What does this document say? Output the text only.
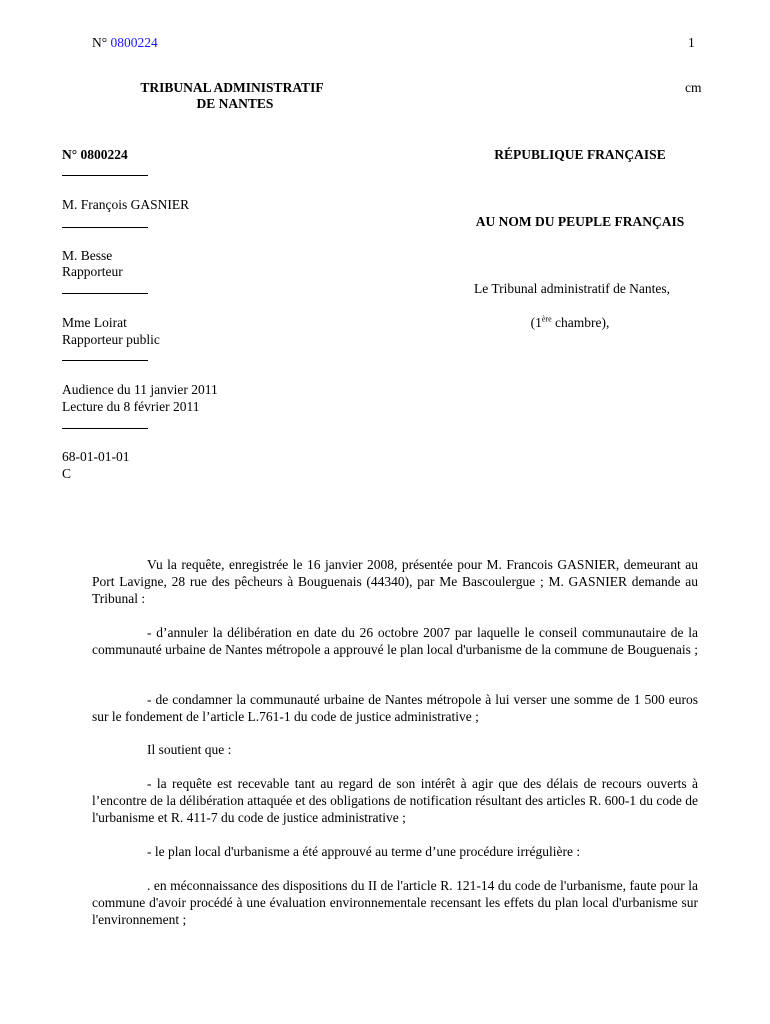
N° 0800224	1
TRIBUNAL ADMINISTRATIF
DE NANTES
cm
N° 0800224
M. François GASNIER
M. Besse
Rapporteur
Mme Loirat
Rapporteur public
Audience du 11 janvier 2011
Lecture du 8 février 2011
68-01-01-01
C
RÉPUBLIQUE FRANÇAISE
AU NOM DU PEUPLE FRANÇAIS
Le Tribunal administratif de Nantes,
(1ère chambre),
Vu la requête, enregistrée le 16 janvier 2008, présentée pour M. Francois GASNIER, demeurant au Port Lavigne, 28 rue des pêcheurs à Bouguenais (44340), par Me Bascoulergue ; M. GASNIER demande au Tribunal :
- d’annuler la délibération en date du 26 octobre 2007 par laquelle le conseil communautaire de la communauté urbaine de Nantes métropole a approuvé le plan local d'urbanisme de la commune de Bouguenais ;
- de condamner la communauté urbaine de Nantes métropole à lui verser une somme de 1 500 euros sur le fondement de l’article L.761-1 du code de justice administrative ;
Il soutient que :
- la requête est recevable tant au regard de son intérêt à agir que des délais de recours ouverts à l’encontre de la délibération attaquée et des obligations de notification résultant des articles R. 600-1 du code de l'urbanisme et R. 411-7 du code de justice administrative ;
- le plan local d'urbanisme a été approuvé au terme d’une procédure irrégulière :
. en méconnaissance des dispositions du II de l'article R. 121-14 du code de l'urbanisme, faute pour la commune d'avoir procédé à une évaluation environnementale recensant les effets du plan local d'urbanisme sur l'environnement ;
